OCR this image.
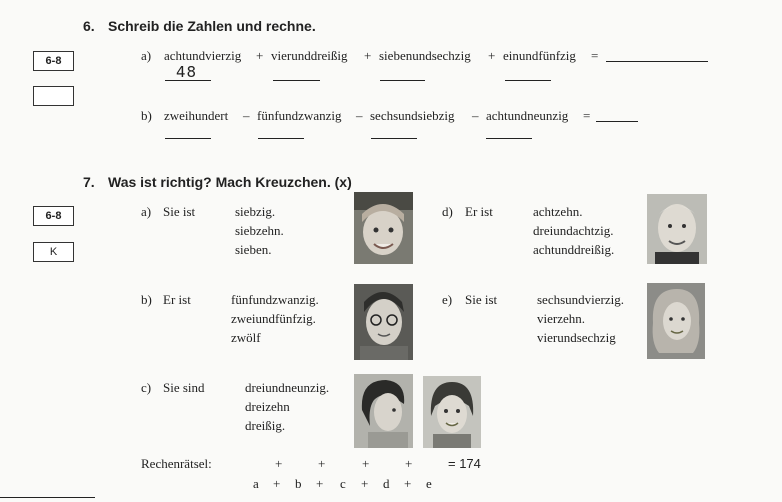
6. Schreib die Zahlen und rechne.
6-8	a) achtundvierzig + vierunddreißig + siebenundsechzig + einundfünfzig =
48
b) zweihundert – fünfundzwanzig – sechsundsiebzig – achtundneunzig =
7. Was ist richtig? Mach Kreuzchen. (x)
6-8
K
a) Sie ist	siebzig.
siebzehn.
sieben.
d) Er ist	achtzehn.
dreiundachtzig.
achtunddreißig.
b) Er ist	fünfundzwanzig.
zweiundfünfzig.
zwölf
e) Sie ist	sechsundvierzig.
vierzehn.
vierundsechzig
c) Sie sind	dreiundneunzig.
dreizehn
dreißig.
Rechenrätsel:	+	+	+	+	= 174
a + b + c + d + e
